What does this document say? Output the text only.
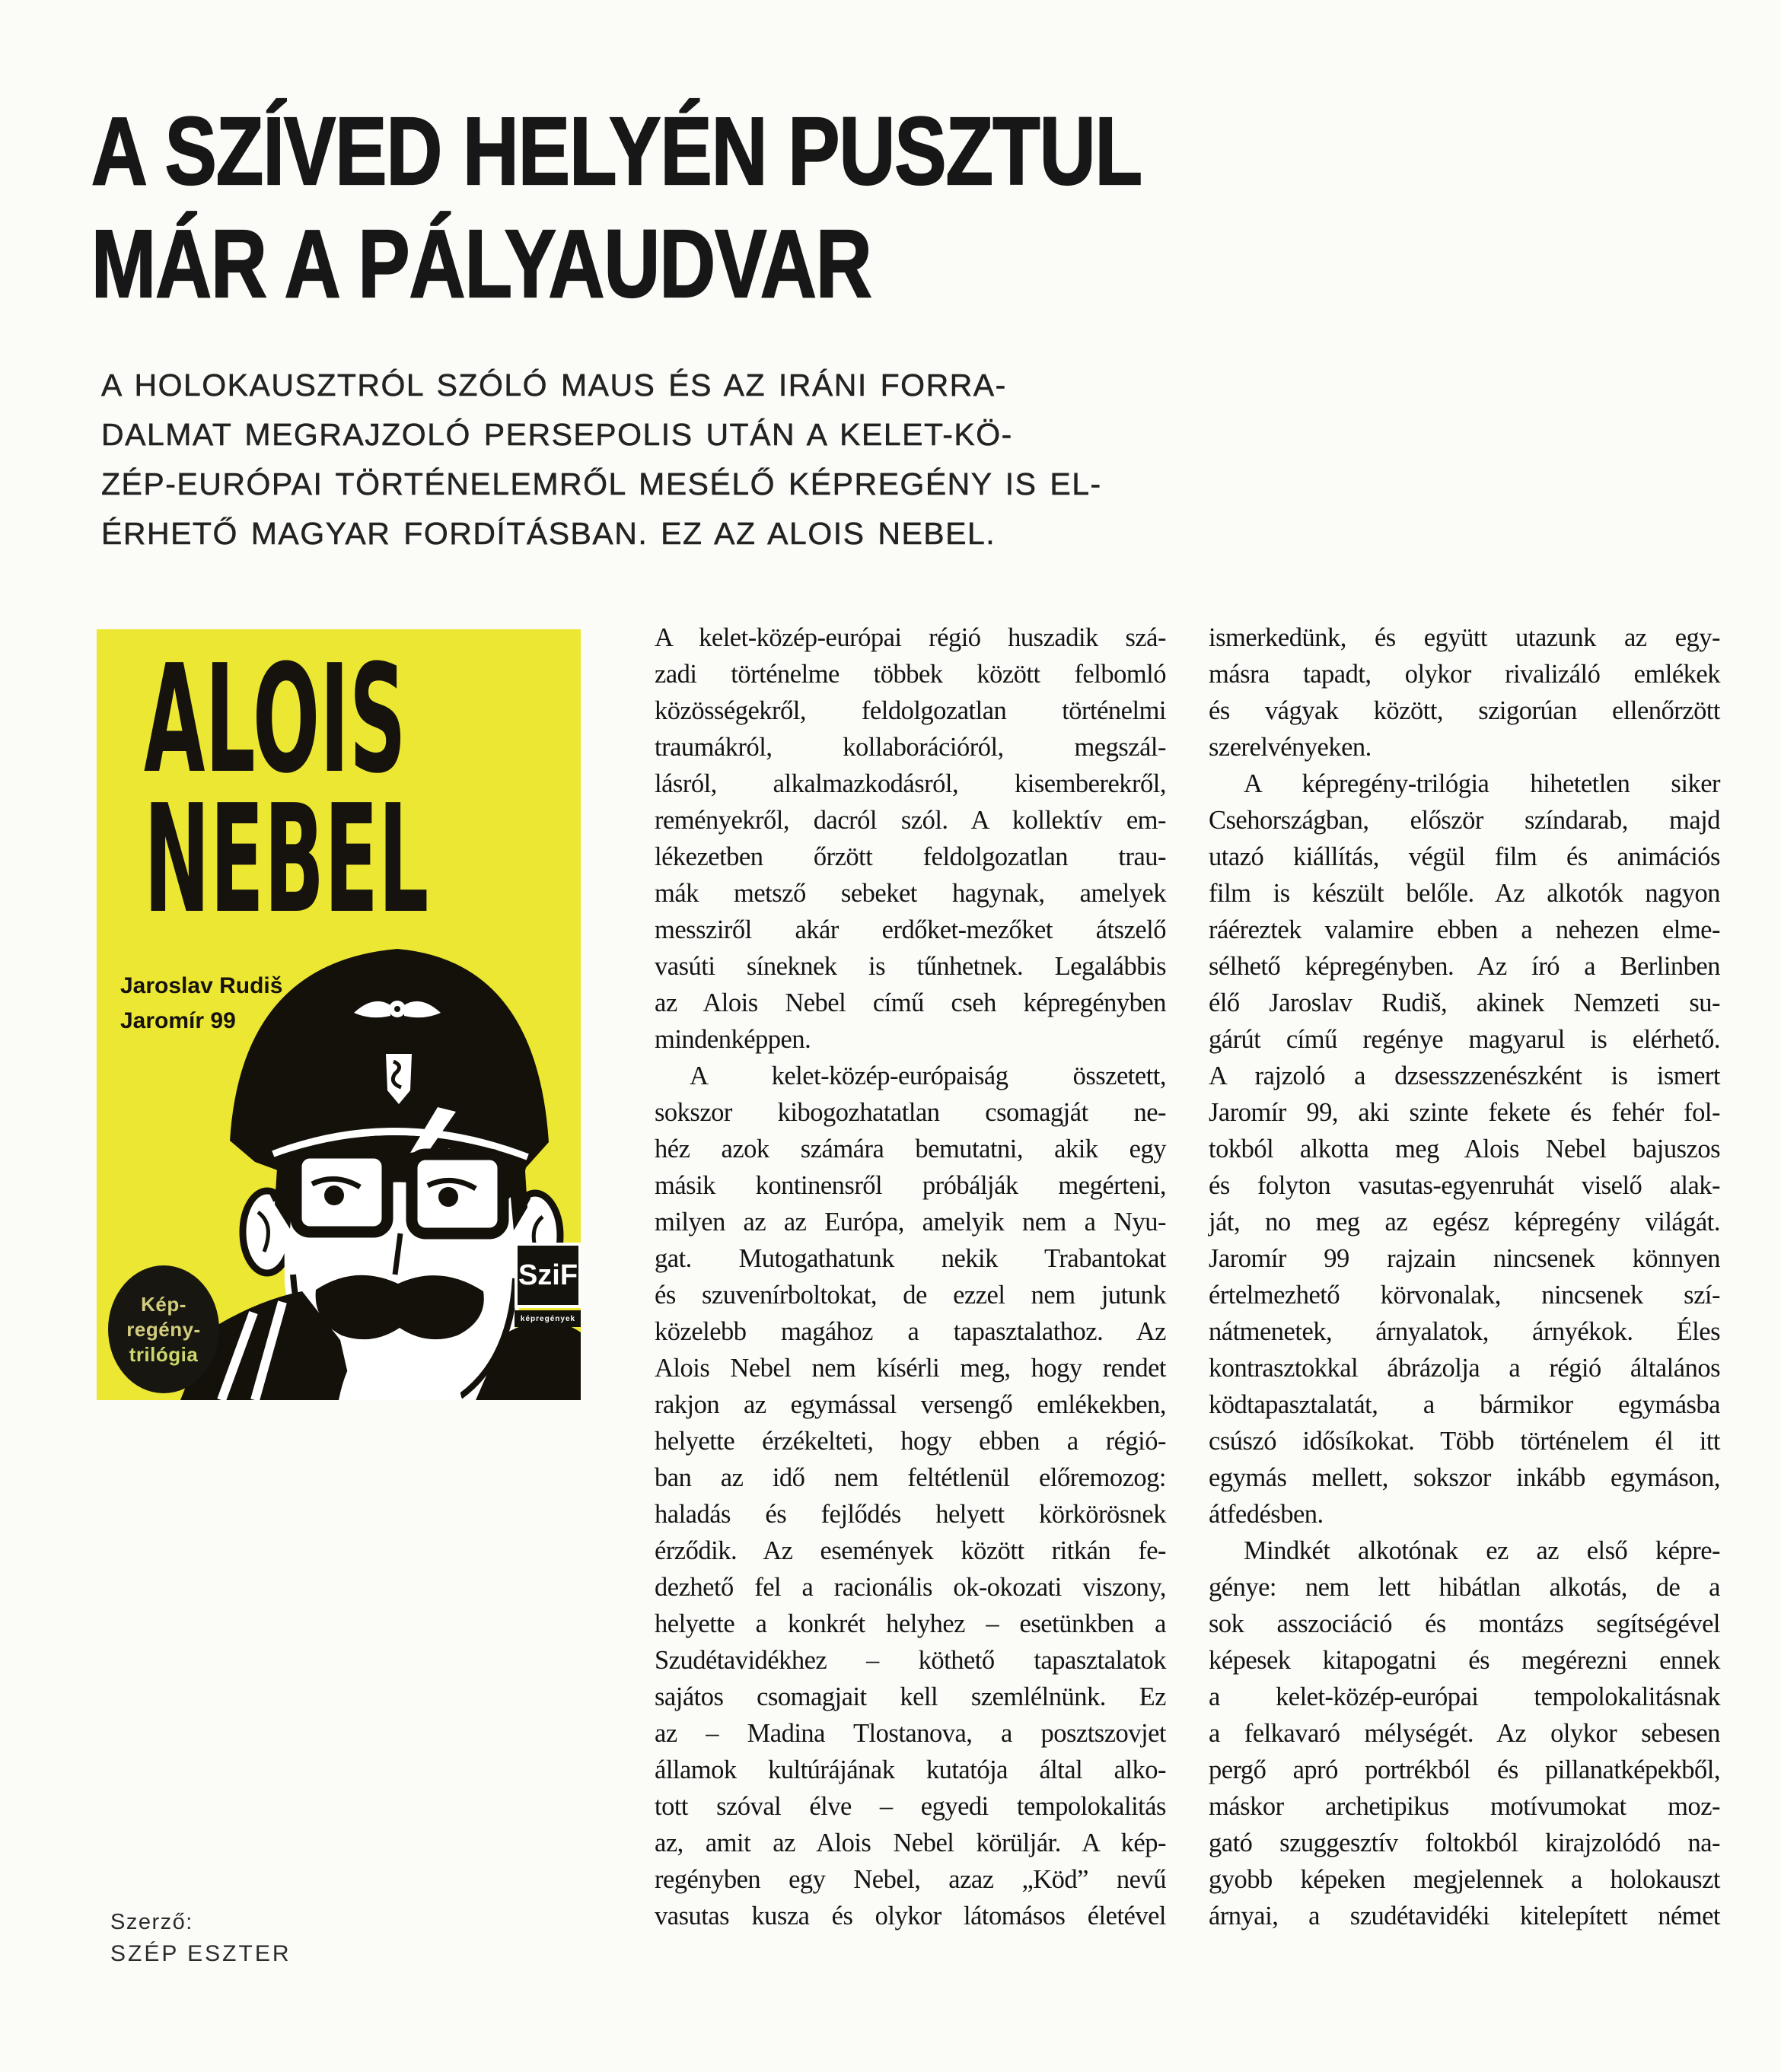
A SZÍVED HELYÉN PUSZTUL
MÁR A PÁLYAUDVAR
A HOLOKAUSZTRÓL SZÓLÓ MAUS ÉS AZ IRÁNI FORRA-
DALMAT MEGRAJZOLÓ PERSEPOLIS UTÁN A KELET-KÖ-
ZÉP-EURÓPAI TÖRTÉNELEMRŐL MESÉLŐ KÉPREGÉNY IS EL-
ÉRHETŐ MAGYAR FORDÍTÁSBAN. EZ AZ ALOIS NEBEL.
ALOIS
NEBEL
Jaroslav Rudiš
Jaromír 99
Kép-
regény-
trilógia
SziF
képregények
A kelet-közép-európai régió huszadik szá-
zadi történelme többek között felbomló
közösségekről, feldolgozatlan történelmi
traumákról, kollaborációról, megszál-
lásról, alkalmazkodásról, kisemberekről,
reményekről, dacról szól. A kollektív em-
lékezetben őrzött feldolgozatlan trau-
mák metsző sebeket hagynak, amelyek
messziről akár erdőket-mezőket átszelő
vasúti síneknek is tűnhetnek. Legalábbis
az Alois Nebel című cseh képregényben
mindenképpen.
A kelet-közép-európaiság összetett,
sokszor kibogozhatatlan csomagját ne-
héz azok számára bemutatni, akik egy
másik kontinensről próbálják megérteni,
milyen az az Európa, amelyik nem a Nyu-
gat. Mutogathatunk nekik Trabantokat
és szuvenírboltokat, de ezzel nem jutunk
közelebb magához a tapasztalathoz. Az
Alois Nebel nem kísérli meg, hogy rendet
rakjon az egymással versengő emlékekben,
helyette érzékelteti, hogy ebben a régió-
ban az idő nem feltétlenül előremozog:
haladás és fejlődés helyett körkörösnek
érződik. Az események között ritkán fe-
dezhető fel a racionális ok-okozati viszony,
helyette a konkrét helyhez – esetünkben a
Szudétavidékhez – köthető tapasztalatok
sajátos csomagjait kell szemlélnünk. Ez
az – Madina Tlostanova, a posztszovjet
államok kultúrájának kutatója által alko-
tott szóval élve – egyedi tempolokalitás
az, amit az Alois Nebel körüljár. A kép-
regényben egy Nebel, azaz „Köd” nevű
vasutas kusza és olykor látomásos életével
ismerkedünk, és együtt utazunk az egy-
másra tapadt, olykor rivalizáló emlékek
és vágyak között, szigorúan ellenőrzött
szerelvényeken.
A képregény-trilógia hihetetlen siker
Csehországban, először színdarab, majd
utazó kiállítás, végül film és animációs
film is készült belőle. Az alkotók nagyon
ráéreztek valamire ebben a nehezen elme-
sélhető képregényben. Az író a Berlinben
élő Jaroslav Rudiš, akinek Nemzeti su-
gárút című regénye magyarul is elérhető.
A rajzoló a dzsesszzenészként is ismert
Jaromír 99, aki szinte fekete és fehér fol-
tokból alkotta meg Alois Nebel bajuszos
és folyton vasutas-egyenruhát viselő alak-
ját, no meg az egész képregény világát.
Jaromír 99 rajzain nincsenek könnyen
értelmezhető körvonalak, nincsenek szí-
nátmenetek, árnyalatok, árnyékok. Éles
kontrasztokkal ábrázolja a régió általános
ködtapasztalatát, a bármikor egymásba
csúszó idősíkokat. Több történelem él itt
egymás mellett, sokszor inkább egymáson,
átfedésben.
Mindkét alkotónak ez az első képre-
génye: nem lett hibátlan alkotás, de a
sok asszociáció és montázs segítségével
képesek kitapogatni és megérezni ennek
a kelet-közép-európai tempolokalitásnak
a felkavaró mélységét. Az olykor sebesen
pergő apró portrékból és pillanatképekből,
máskor archetipikus motívumokat moz-
gató szuggesztív foltokból kirajzolódó na-
gyobb képeken megjelennek a holokauszt
árnyai, a szudétavidéki kitelepített német
Szerző:
SZÉP ESZTER
